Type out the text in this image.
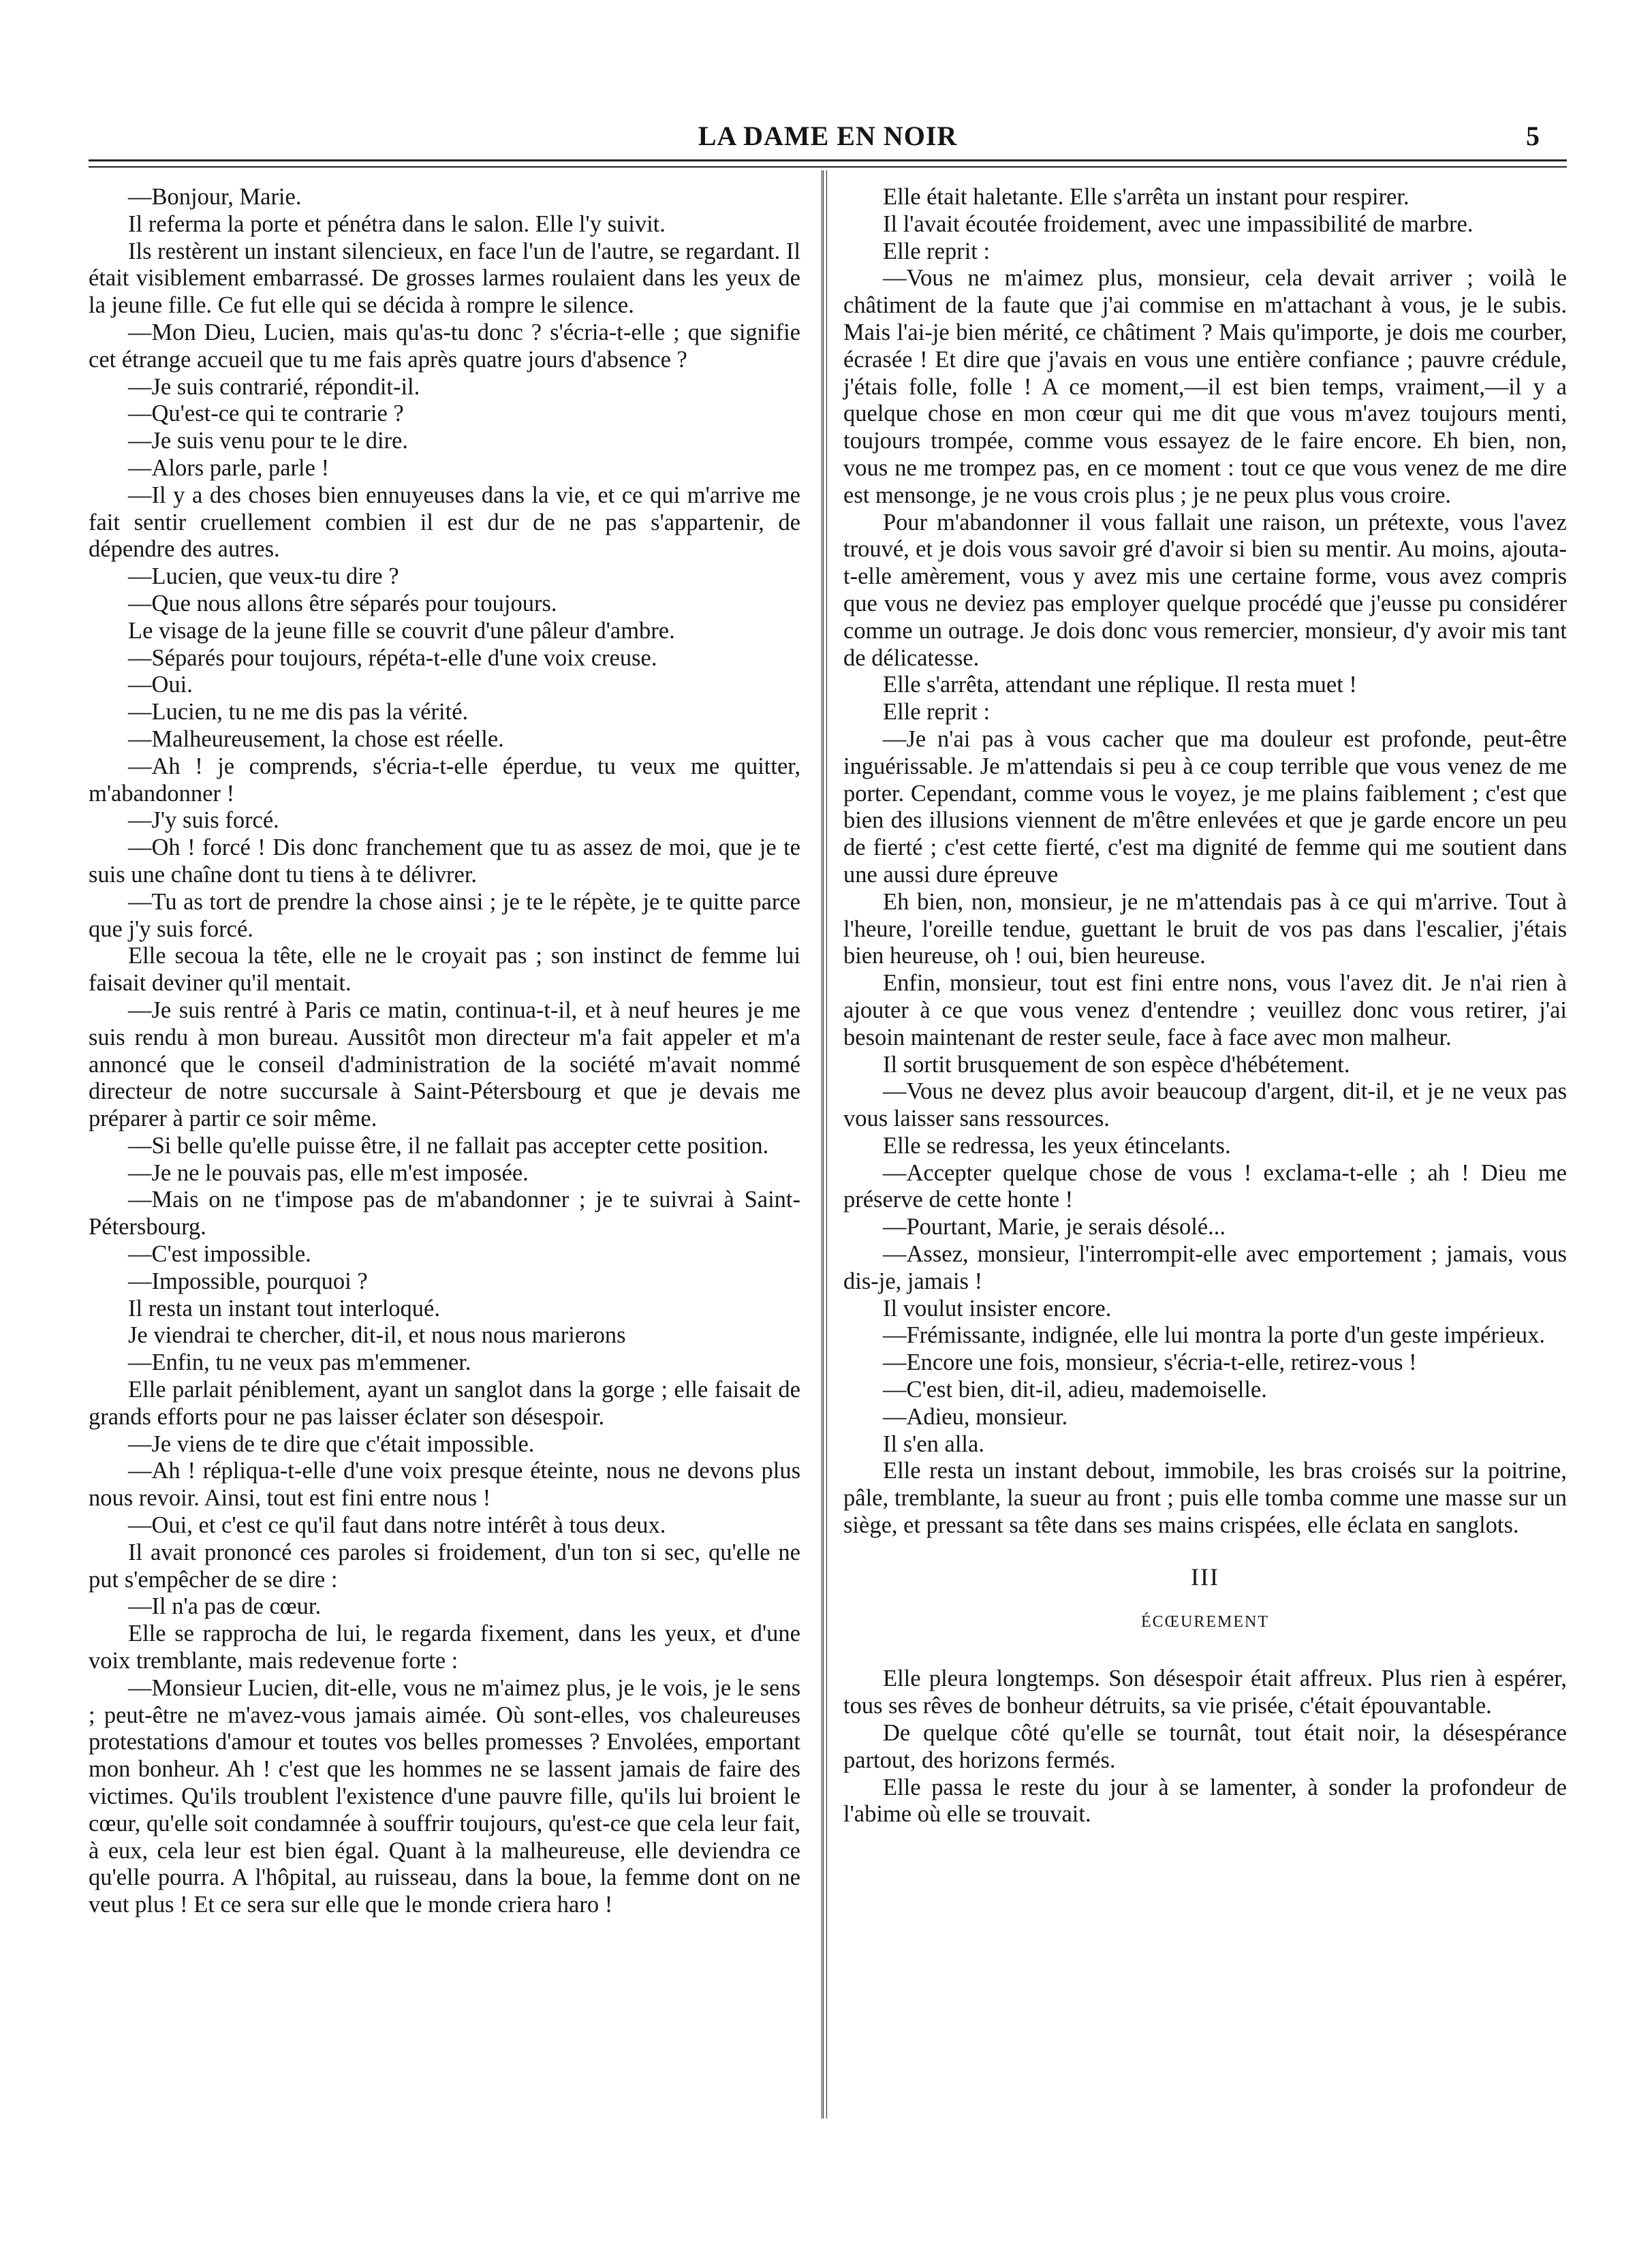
LA DAME EN NOIR	5

—Bonjour, Marie.

Il referma la porte et pénétra dans le salon. Elle l'y suivit.

Ils restèrent un instant silencieux, en face l'un de l'autre, se regardant. Il était visiblement embarrassé. De grosses larmes roulaient dans les yeux de la jeune fille. Ce fut elle qui se décida à rompre le silence.

—Mon Dieu, Lucien, mais qu'as-tu donc ? s'écria-t-elle ; que signifie cet étrange accueil que tu me fais après quatre jours d'absence ?

—Je suis contrarié, répondit-il.

—Qu'est-ce qui te contrarie ?

—Je suis venu pour te le dire.

—Alors parle, parle !

—Il y a des choses bien ennuyeuses dans la vie, et ce qui m'arrive me fait sentir cruellement combien il est dur de ne pas s'appartenir, de dépendre des autres.

—Lucien, que veux-tu dire ?

—Que nous allons être séparés pour toujours.

Le visage de la jeune fille se couvrit d'une pâleur d'ambre.

—Séparés pour toujours, répéta-t-elle d'une voix creuse.

—Oui.

—Lucien, tu ne me dis pas la vérité.

—Malheureusement, la chose est réelle.

—Ah ! je comprends, s'écria-t-elle éperdue, tu veux me quitter, m'abandonner !

—J'y suis forcé.

—Oh ! forcé ! Dis donc franchement que tu as assez de moi, que je te suis une chaîne dont tu tiens à te délivrer.

—Tu as tort de prendre la chose ainsi ; je te le répète, je te quitte parce que j'y suis forcé.

Elle secoua la tête, elle ne le croyait pas ; son instinct de femme lui faisait deviner qu'il mentait.

—Je suis rentré à Paris ce matin, continua-t-il, et à neuf heures je me suis rendu à mon bureau. Aussitôt mon directeur m'a fait appeler et m'a annoncé que le conseil d'administration de la société m'avait nommé directeur de notre succursale à Saint-Pétersbourg et que je devais me préparer à partir ce soir même.

—Si belle qu'elle puisse être, il ne fallait pas accepter cette position.

—Je ne le pouvais pas, elle m'est imposée.

—Mais on ne t'impose pas de m'abandonner ; je te suivrai à Saint-Pétersbourg.

—C'est impossible.

—Impossible, pourquoi ?

Il resta un instant tout interloqué.

Je viendrai te chercher, dit-il, et nous nous marierons

—Enfin, tu ne veux pas m'emmener.

Elle parlait péniblement, ayant un sanglot dans la gorge ; elle faisait de grands efforts pour ne pas laisser éclater son désespoir.

—Je viens de te dire que c'était impossible.

—Ah ! répliqua-t-elle d'une voix presque éteinte, nous ne devons plus nous revoir. Ainsi, tout est fini entre nous !

—Oui, et c'est ce qu'il faut dans notre intérêt à tous deux.

Il avait prononcé ces paroles si froidement, d'un ton si sec, qu'elle ne put s'empêcher de se dire :

—Il n'a pas de cœur.

Elle se rapprocha de lui, le regarda fixement, dans les yeux, et d'une voix tremblante, mais redevenue forte :

—Monsieur Lucien, dit-elle, vous ne m'aimez plus, je le vois, je le sens ; peut-être ne m'avez-vous jamais aimée. Où sont-elles, vos chaleureuses protestations d'amour et toutes vos belles promesses ? Envolées, emportant mon bonheur. Ah ! c'est que les hommes ne se lassent jamais de faire des victimes. Qu'ils troublent l'existence d'une pauvre fille, qu'ils lui broient le cœur, qu'elle soit condamnée à souffrir toujours, qu'est-ce que cela leur fait, à eux, cela leur est bien égal. Quant à la malheureuse, elle deviendra ce qu'elle pourra. A l'hôpital, au ruisseau, dans la boue, la femme dont on ne veut plus ! Et ce sera sur elle que le monde criera haro !

Elle était haletante. Elle s'arrêta un instant pour respirer.

Il l'avait écoutée froidement, avec une impassibilité de marbre.

Elle reprit :

—Vous ne m'aimez plus, monsieur, cela devait arriver ; voilà le châtiment de la faute que j'ai commise en m'attachant à vous, je le subis. Mais l'ai-je bien mérité, ce châtiment ? Mais qu'importe, je dois me courber, écrasée ! Et dire que j'avais en vous une entière confiance ; pauvre crédule, j'étais folle, folle ! A ce moment,—il est bien temps, vraiment,—il y a quelque chose en mon cœur qui me dit que vous m'avez toujours menti, toujours trompée, comme vous essayez de le faire encore. Eh bien, non, vous ne me trompez pas, en ce moment : tout ce que vous venez de me dire est mensonge, je ne vous crois plus ; je ne peux plus vous croire.

Pour m'abandonner il vous fallait une raison, un prétexte, vous l'avez trouvé, et je dois vous savoir gré d'avoir si bien su mentir. Au moins, ajouta-t-elle amèrement, vous y avez mis une certaine forme, vous avez compris que vous ne deviez pas employer quelque procédé que j'eusse pu considérer comme un outrage. Je dois donc vous remercier, monsieur, d'y avoir mis tant de délicatesse.

Elle s'arrêta, attendant une réplique. Il resta muet !

Elle reprit :

—Je n'ai pas à vous cacher que ma douleur est profonde, peut-être inguérissable. Je m'attendais si peu à ce coup terrible que vous venez de me porter. Cependant, comme vous le voyez, je me plains faiblement ; c'est que bien des illusions viennent de m'être enlevées et que je garde encore un peu de fierté ; c'est cette fierté, c'est ma dignité de femme qui me soutient dans une aussi dure épreuve

Eh bien, non, monsieur, je ne m'attendais pas à ce qui m'arrive. Tout à l'heure, l'oreille tendue, guettant le bruit de vos pas dans l'escalier, j'étais bien heureuse, oh ! oui, bien heureuse.

Enfin, monsieur, tout est fini entre nons, vous l'avez dit. Je n'ai rien à ajouter à ce que vous venez d'entendre ; veuillez donc vous retirer, j'ai besoin maintenant de rester seule, face à face avec mon malheur.

Il sortit brusquement de son espèce d'hébétement.

—Vous ne devez plus avoir beaucoup d'argent, dit-il, et je ne veux pas vous laisser sans ressources.

Elle se redressa, les yeux étincelants.

—Accepter quelque chose de vous ! exclama-t-elle ; ah ! Dieu me préserve de cette honte !

—Pourtant, Marie, je serais désolé...

—Assez, monsieur, l'interrompit-elle avec emportement ; jamais, vous dis-je, jamais !

Il voulut insister encore.

—Frémissante, indignée, elle lui montra la porte d'un geste impérieux.

—Encore une fois, monsieur, s'écria-t-elle, retirez-vous !

—C'est bien, dit-il, adieu, mademoiselle.

—Adieu, monsieur.

Il s'en alla.

Elle resta un instant debout, immobile, les bras croisés sur la poitrine, pâle, tremblante, la sueur au front ; puis elle tomba comme une masse sur un siège, et pressant sa tête dans ses mains crispées, elle éclata en sanglots.

III
ÉCŒUREMENT

Elle pleura longtemps. Son désespoir était affreux. Plus rien à espérer, tous ses rêves de bonheur détruits, sa vie prisée, c'était épouvantable.

De quelque côté qu'elle se tournât, tout était noir, la désespérance partout, des horizons fermés.

Elle passa le reste du jour à se lamenter, à sonder la profondeur de l'abime où elle se trouvait.
